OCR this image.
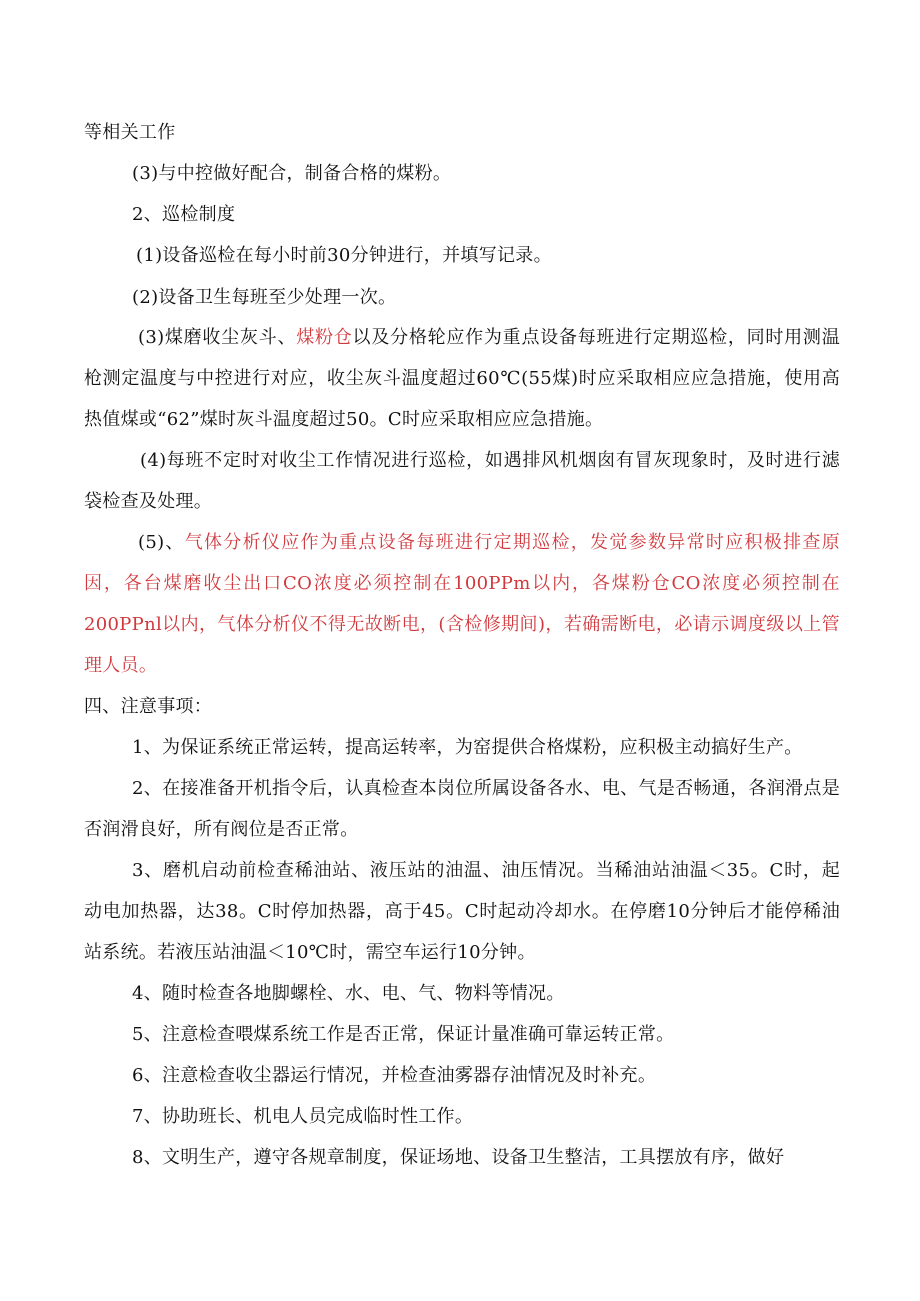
等相关工作

(3)与中控做好配合，制备合格的煤粉。

2、巡检制度

(1)设备巡检在每小时前30分钟进行，并填写记录。

(2)设备卫生每班至少处理一次。

(3)煤磨收尘灰斗、煤粉仓以及分格轮应作为重点设备每班进行定期巡检，同时用测温枪测定温度与中控进行对应，收尘灰斗温度超过60℃(55煤)时应采取相应应急措施，使用高热值煤或“62”煤时灰斗温度超过50。C时应采取相应应急措施。

(4)每班不定时对收尘工作情况进行巡检，如遇排风机烟囱有冒灰现象时，及时进行滤袋检查及处理。

(5)、气体分析仪应作为重点设备每班进行定期巡检，发觉参数异常时应积极排查原因，各台煤磨收尘出口CO浓度必须控制在100PPm以内，各煤粉仓CO浓度必须控制在200PPnl以内，气体分析仪不得无故断电，(含检修期间)，若确需断电，必请示调度级以上管理人员。

四、注意事项：

1、为保证系统正常运转，提高运转率，为窑提供合格煤粉，应积极主动搞好生产。

2、在接准备开机指令后，认真检查本岗位所属设备各水、电、气是否畅通，各润滑点是否润滑良好，所有阀位是否正常。

3、磨机启动前检查稀油站、液压站的油温、油压情况。当稀油站油温＜35。C时，起动电加热器，达38。C时停加热器，高于45。C时起动冷却水。在停磨10分钟后才能停稀油站系统。若液压站油温＜10℃时，需空车运行10分钟。

4、随时检查各地脚螺栓、水、电、气、物料等情况。

5、注意检查喂煤系统工作是否正常，保证计量准确可靠运转正常。

6、注意检查收尘器运行情况，并检查油雾器存油情况及时补充。

7、协助班长、机电人员完成临时性工作。

8、文明生产，遵守各规章制度，保证场地、设备卫生整洁，工具摆放有序，做好
